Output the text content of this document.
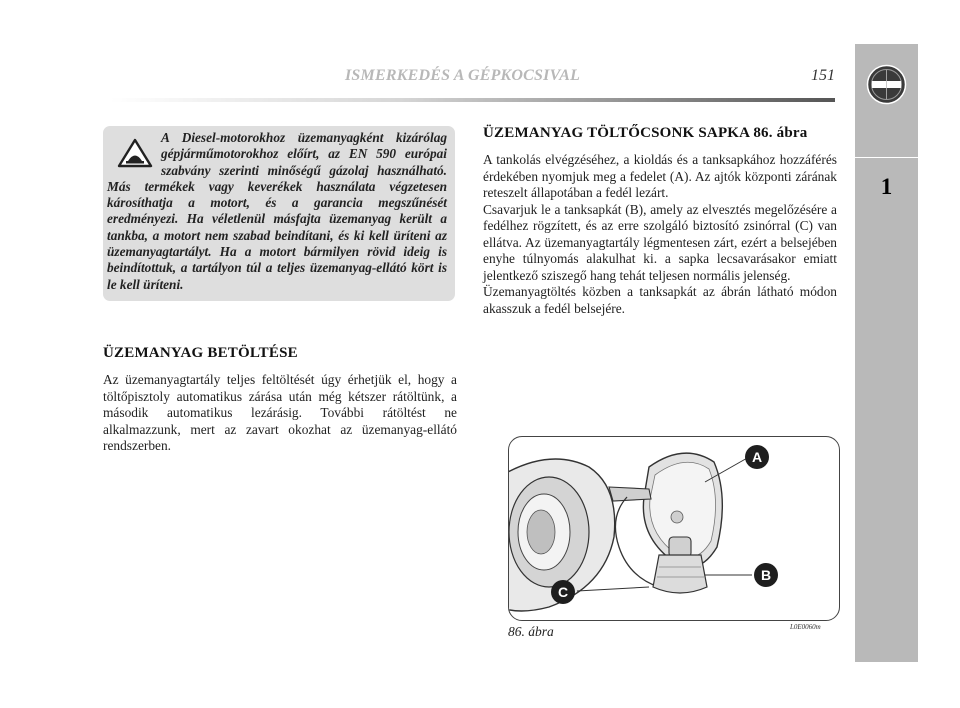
1
ISMERKEDÉS A GÉPKOCSIVAL	151

A Diesel-motorokhoz üzemanyagként kizárólag gépjárműmotorokhoz előírt, az EN 590 európai szabvány szerinti minőségű gázolaj használható. Más termékek vagy keverékek használata végzetesen károsíthatja a motort, és a garancia megszűnését eredményezi. Ha véletlenül másfajta üzemanyag került a tankba, a motort nem szabad beindítani, és ki kell üríteni az üzemanyagtartályt. Ha a motort bármilyen rövid ideig is beindítottuk, a tartályon túl a teljes üzemanyag-ellátó kört is le kell üríteni.

ÜZEMANYAG BETÖLTÉSE

Az üzemanyagtartály teljes feltöltését úgy érhetjük el, hogy a töltőpisztoly automatikus zárása után még kétszer rátöltünk, a második automatikus lezárásig. További rátöltést ne alkalmazzunk, mert az zavart okozhat az üzemanyag-ellátó rendszerben.

ÜZEMANYAG TÖLTŐCSONK SAPKA 86. ábra

A tankolás elvégzéséhez, a kioldás és a tanksapkához hozzáférés érdekében nyomjuk meg a fedelet (A). Az ajtók központi zárának reteszelt állapotában a fedél lezárt.

Csavarjuk le a tanksapkát (B), amely az elvesztés megelőzésére a fedélhez rögzített, és az erre szolgáló biztosító zsinórral (C) van ellátva. Az üzemanyagtartály légmentesen zárt, ezért a belsejében enyhe túlnyomás alakulhat ki. a sapka lecsavarásakor emiatt jelentkező sziszegő hang tehát teljesen normális jelenség.

Üzemanyagtöltés közben a tanksapkát az ábrán látható módon akasszuk a fedél belsejére.

A
B
C
86. ábra	L0E0060m
